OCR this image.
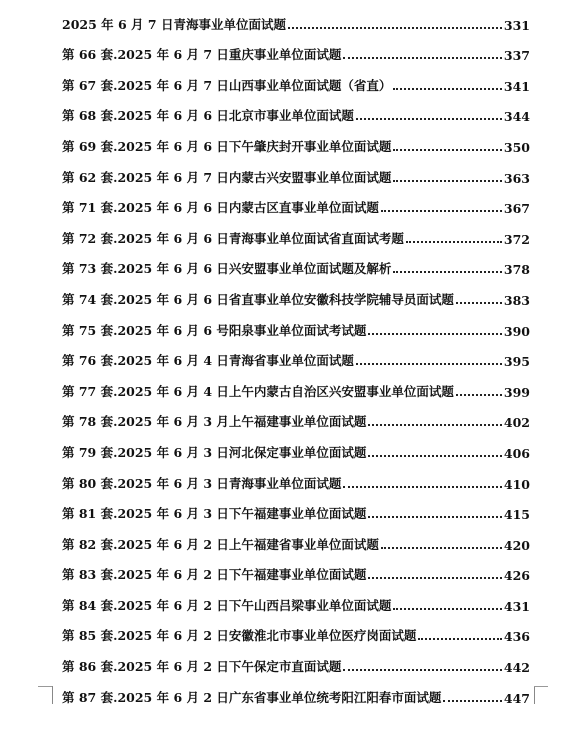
2025 年 6 月 7 日青海事业单位面试题	331
第 66 套.2025 年 6 月 7 日重庆事业单位面试题	337
第 67 套.2025 年 6 月 7 日山西事业单位面试题（省直）	341
第 68 套.2025 年 6 月 6 日北京市事业单位面试题	344
第 69 套.2025 年 6 月 6 日下午肇庆封开事业单位面试题	350
第 62 套.2025 年 6 月 7 日内蒙古兴安盟事业单位面试题	363
第 71 套.2025 年 6 月 6 日内蒙古区直事业单位面试题	367
第 72 套.2025 年 6 月 6 日青海事业单位面试省直面试考题	372
第 73 套.2025 年 6 月 6 日兴安盟事业单位面试题及解析	378
第 74 套.2025 年 6 月 6 日省直事业单位安徽科技学院辅导员面试题	383
第 75 套.2025 年 6 月 6 号阳泉事业单位面试考试题	390
第 76 套.2025 年 6 月 4 日青海省事业单位面试题	395
第 77 套.2025 年 6 月 4 日上午内蒙古自治区兴安盟事业单位面试题	399
第 78 套.2025 年 6 月 3 月上午福建事业单位面试题	402
第 79 套.2025 年 6 月 3 日河北保定事业单位面试题	406
第 80 套.2025 年 6 月 3 日青海事业单位面试题	410
第 81 套.2025 年 6 月 3 日下午福建事业单位面试题	415
第 82 套.2025 年 6 月 2 日上午福建省事业单位面试题	420
第 83 套.2025 年 6 月 2 日下午福建事业单位面试题	426
第 84 套.2025 年 6 月 2 日下午山西吕梁事业单位面试题	431
第 85 套.2025 年 6 月 2 日安徽淮北市事业单位医疗岗面试题	436
第 86 套.2025 年 6 月 2 日下午保定市直面试题	442
第 87 套.2025 年 6 月 2 日广东省事业单位统考阳江阳春市面试题	447
